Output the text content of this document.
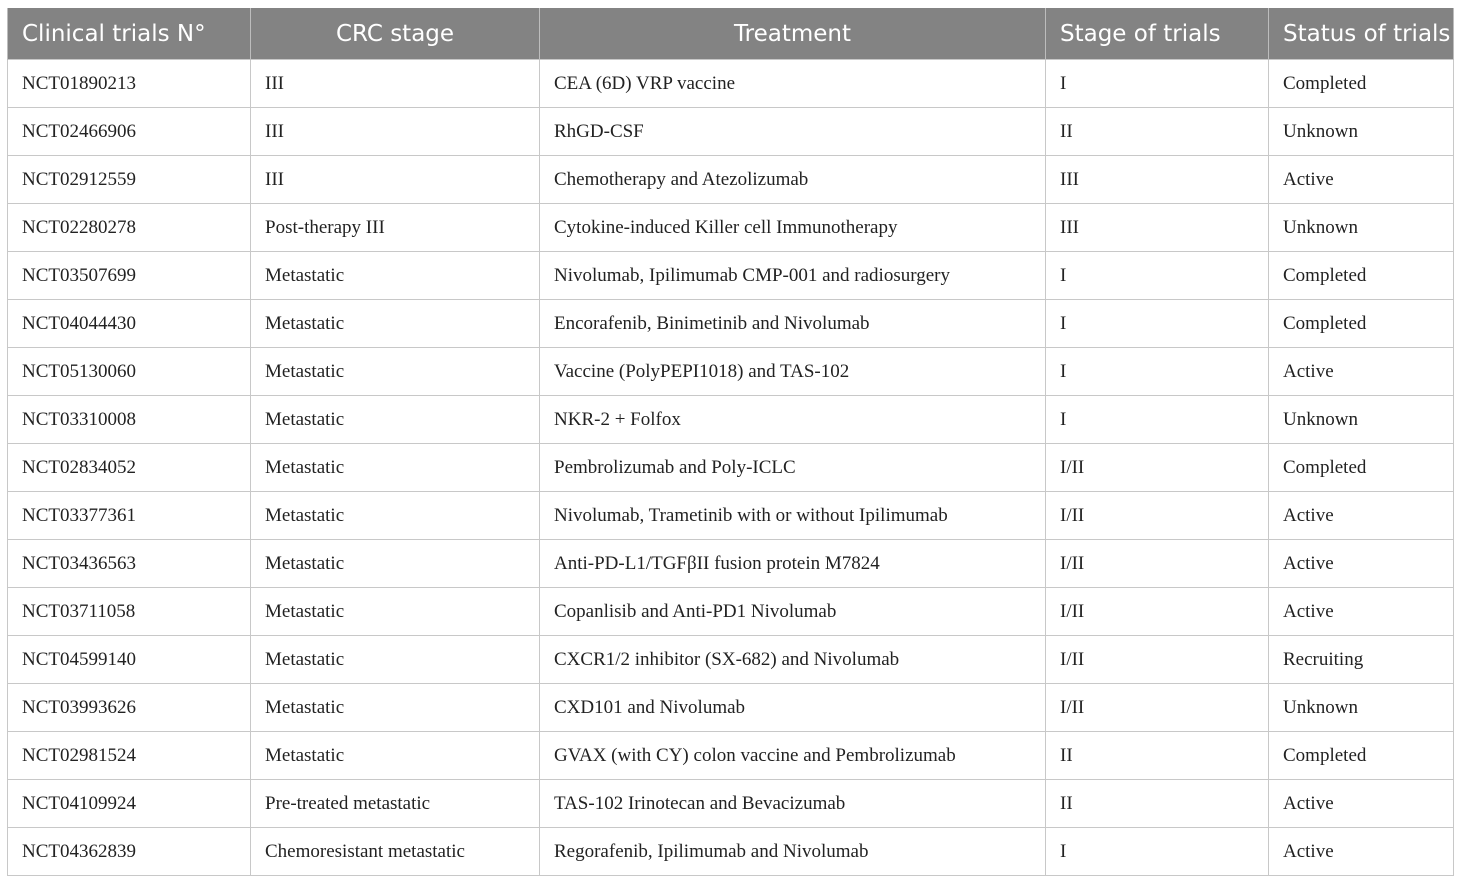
Clinical trials N°	CRC stage	Treatment	Stage of trials	Status of trials
NCT01890213	III	CEA (6D) VRP vaccine	I	Completed
NCT02466906	III	RhGD-CSF	II	Unknown
NCT02912559	III	Chemotherapy and Atezolizumab	III	Active
NCT02280278	Post-therapy III	Cytokine-induced Killer cell Immunotherapy	III	Unknown
NCT03507699	Metastatic	Nivolumab, Ipilimumab CMP-001 and radiosurgery	I	Completed
NCT04044430	Metastatic	Encorafenib, Binimetinib and Nivolumab	I	Completed
NCT05130060	Metastatic	Vaccine (PolyPEPI1018) and TAS-102	I	Active
NCT03310008	Metastatic	NKR-2 + Folfox	I	Unknown
NCT02834052	Metastatic	Pembrolizumab and Poly-ICLC	I/II	Completed
NCT03377361	Metastatic	Nivolumab, Trametinib with or without Ipilimumab	I/II	Active
NCT03436563	Metastatic	Anti-PD-L1/TGFβII fusion protein M7824	I/II	Active
NCT03711058	Metastatic	Copanlisib and Anti-PD1 Nivolumab	I/II	Active
NCT04599140	Metastatic	CXCR1/2 inhibitor (SX-682) and Nivolumab	I/II	Recruiting
NCT03993626	Metastatic	CXD101 and Nivolumab	I/II	Unknown
NCT02981524	Metastatic	GVAX (with CY) colon vaccine and Pembrolizumab	II	Completed
NCT04109924	Pre-treated metastatic	TAS-102 Irinotecan and Bevacizumab	II	Active
NCT04362839	Chemoresistant metastatic	Regorafenib, Ipilimumab and Nivolumab	I	Active
